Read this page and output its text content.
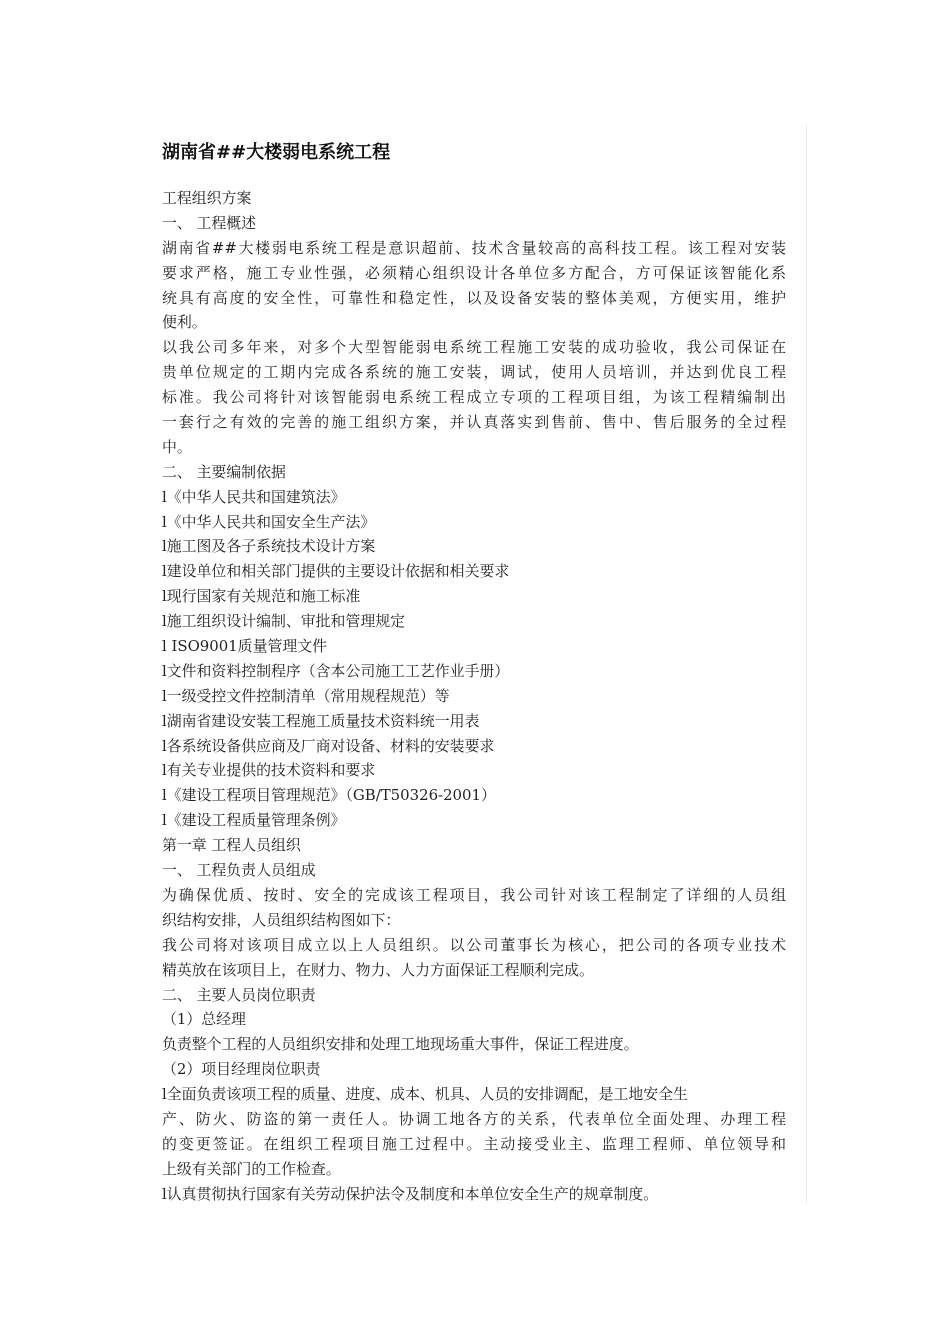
湖南省##大楼弱电系统工程
工程组织方案
一、 工程概述
湖南省##大楼弱电系统工程是意识超前、技术含量较高的高科技工程。该工程对安装
要求严格，施工专业性强，必须精心组织设计各单位多方配合，方可保证该智能化系
统具有高度的安全性，可靠性和稳定性，以及设备安装的整体美观，方便实用，维护
便利。
以我公司多年来，对多个大型智能弱电系统工程施工安装的成功验收，我公司保证在
贵单位规定的工期内完成各系统的施工安装，调试，使用人员培训，并达到优良工程
标准。我公司将针对该智能弱电系统工程成立专项的工程项目组，为该工程精编制出
一套行之有效的完善的施工组织方案，并认真落实到售前、售中、售后服务的全过程
中。
二、 主要编制依据
l《中华人民共和国建筑法》
l《中华人民共和国安全生产法》
l施工图及各子系统技术设计方案
l建设单位和相关部门提供的主要设计依据和相关要求
l现行国家有关规范和施工标准
l施工组织设计编制、审批和管理规定
l ISO9001质量管理文件
l文件和资料控制程序（含本公司施工工艺作业手册）
l一级受控文件控制清单（常用规程规范）等
l湖南省建设安装工程施工质量技术资料统一用表
l各系统设备供应商及厂商对设备、材料的安装要求
l有关专业提供的技术资料和要求
l《建设工程项目管理规范》（GB/T50326-2001）
l《建设工程质量管理条例》
第一章 工程人员组织
一、 工程负责人员组成
为确保优质、按时、安全的完成该工程项目，我公司针对该工程制定了详细的人员组
织结构安排，人员组织结构图如下：
我公司将对该项目成立以上人员组织。以公司董事长为核心，把公司的各项专业技术
精英放在该项目上，在财力、物力、人力方面保证工程顺利完成。
二、 主要人员岗位职责
（1）总经理
负责整个工程的人员组织安排和处理工地现场重大事件，保证工程进度。
（2）项目经理岗位职责
l全面负责该项工程的质量、进度、成本、机具、人员的安排调配，是工地安全生
产、防火、防盗的第一责任人。协调工地各方的关系，代表单位全面处理、办理工程
的变更签证。在组织工程项目施工过程中。主动接受业主、监理工程师、单位领导和
上级有关部门的工作检查。
l认真贯彻执行国家有关劳动保护法令及制度和本单位安全生产的规章制度。
